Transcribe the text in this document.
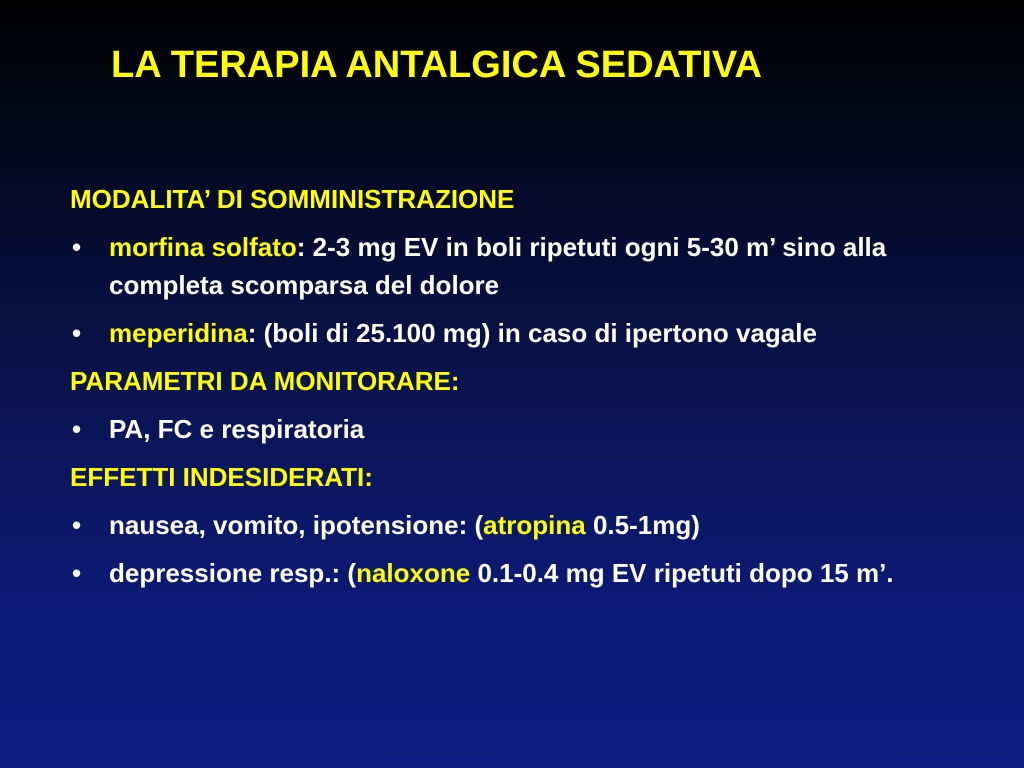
LA TERAPIA ANTALGICA SEDATIVA
MODALITA’ DI SOMMINISTRAZIONE
• morfina solfato: 2-3 mg EV in boli ripetuti ogni 5-30 m’ sino alla completa scomparsa del dolore
• meperidina: (boli di 25.100 mg) in caso di ipertono vagale
PARAMETRI DA MONITORARE:
• PA, FC e respiratoria
EFFETTI INDESIDERATI:
• nausea, vomito, ipotensione: (atropina 0.5-1mg)
• depressione resp.: (naloxone 0.1-0.4 mg EV ripetuti dopo 15 m’.
